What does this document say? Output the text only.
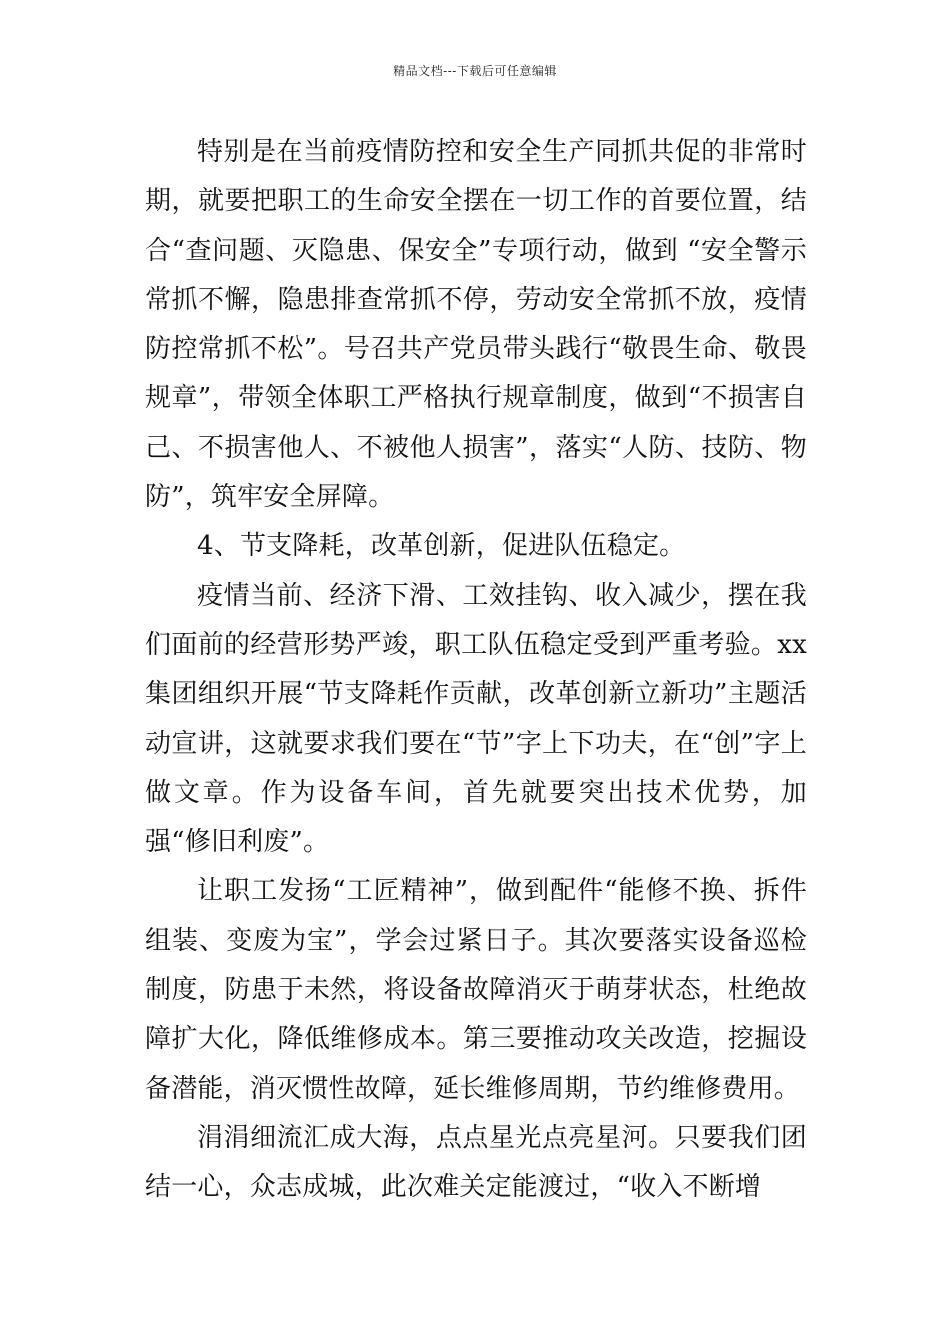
精品文档---下载后可任意编辑

特别是在当前疫情防控和安全生产同抓共促的非常时期，就要把职工的生命安全摆在一切工作的首要位置，结合“查问题、灭隐患、保安全”专项行动，做到 “安全警示常抓不懈，隐患排查常抓不停，劳动安全常抓不放，疫情防控常抓不松”。号召共产党员带头践行“敬畏生命、敬畏规章”，带领全体职工严格执行规章制度，做到“不损害自己、不损害他人、不被他人损害”，落实“人防、技防、物防”，筑牢安全屏障。

4、节支降耗，改革创新，促进队伍稳定。

疫情当前、经济下滑、工效挂钩、收入减少，摆在我们面前的经营形势严竣，职工队伍稳定受到严重考验。xx集团组织开展“节支降耗作贡献，改革创新立新功”主题活动宣讲，这就要求我们要在“节”字上下功夫，在“创”字上做文章。作为设备车间，首先就要突出技术优势，加强“修旧利废”。

让职工发扬“工匠精神”，做到配件“能修不换、拆件组装、变废为宝”，学会过紧日子。其次要落实设备巡检制度，防患于未然，将设备故障消灭于萌芽状态，杜绝故障扩大化，降低维修成本。第三要推动攻关改造，挖掘设备潜能，消灭惯性故障，延长维修周期，节约维修费用。

涓涓细流汇成大海，点点星光点亮星河。只要我们团结一心，众志成城，此次难关定能渡过，“收入不断增
